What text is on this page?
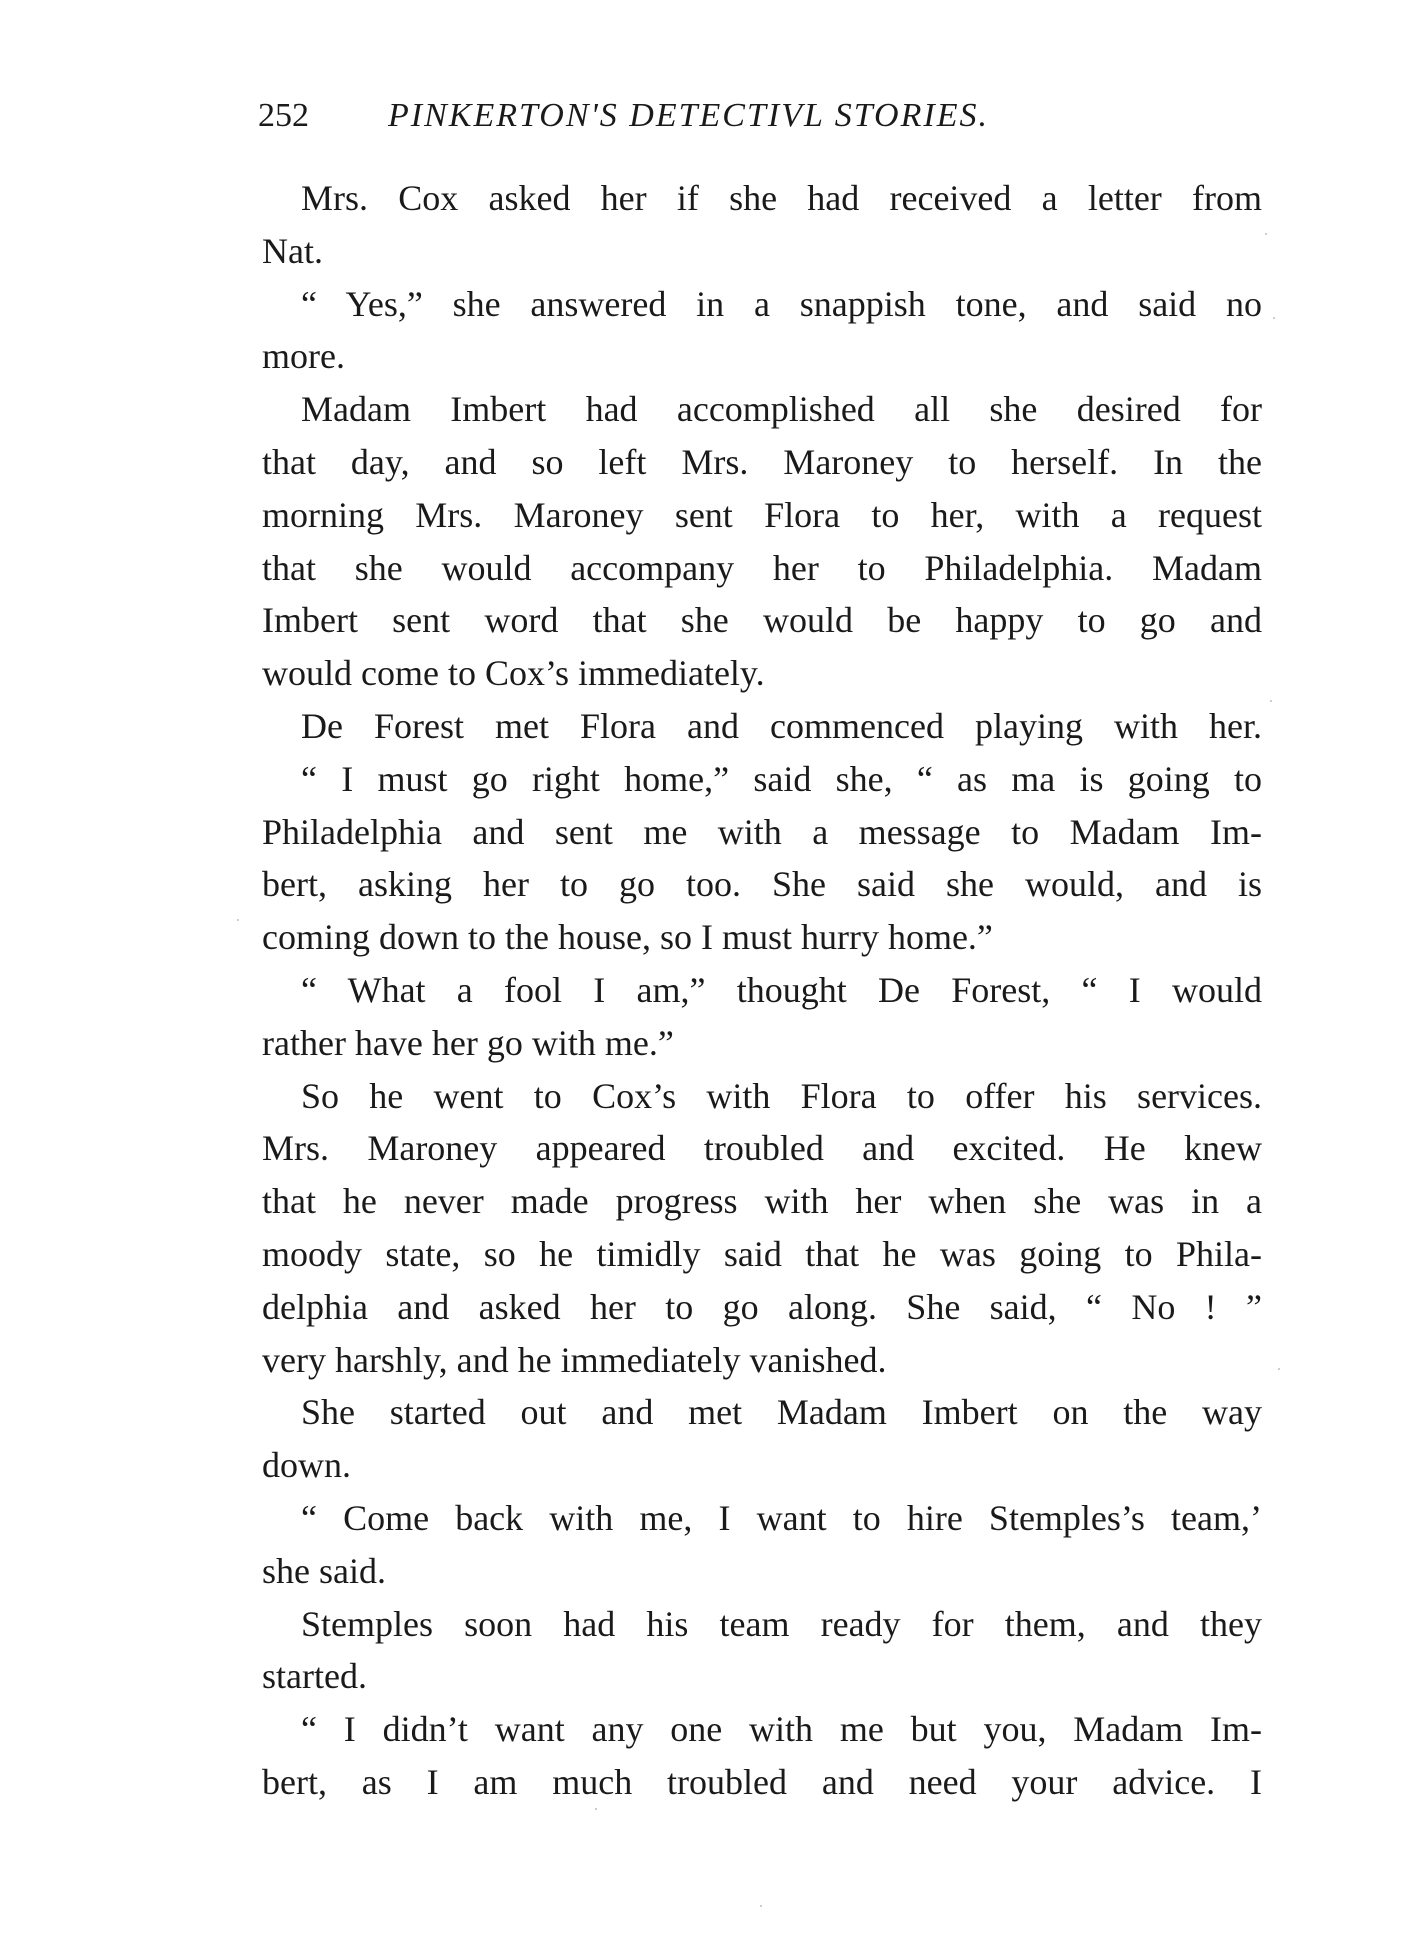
252 PINKERTON'S DETECTIVL STORIES.
Mrs. Cox asked her if she had received a letter from
Nat.
“ Yes,” she answered in a snappish tone, and said no
more.
Madam Imbert had accomplished all she desired for
that day, and so left Mrs. Maroney to herself. In the
morning Mrs. Maroney sent Flora to her, with a request
that she would accompany her to Philadelphia. Madam
Imbert sent word that she would be happy to go and
would come to Cox’s immediately.
De Forest met Flora and commenced playing with her.
“ I must go right home,” said she, “ as ma is going to
Philadelphia and sent me with a message to Madam Im-
bert, asking her to go too. She said she would, and is
coming down to the house, so I must hurry home.”
“ What a fool I am,” thought De Forest, “ I would
rather have her go with me.”
So he went to Cox’s with Flora to offer his services.
Mrs. Maroney appeared troubled and excited. He knew
that he never made progress with her when she was in a
moody state, so he timidly said that he was going to Phila-
delphia and asked her to go along. She said, “ No ! ”
very harshly, and he immediately vanished.
She started out and met Madam Imbert on the way
down.
“ Come back with me, I want to hire Stemples’s team,’
she said.
Stemples soon had his team ready for them, and they
started.
“ I didn’t want any one with me but you, Madam Im-
bert, as I am much troubled and need your advice. I
